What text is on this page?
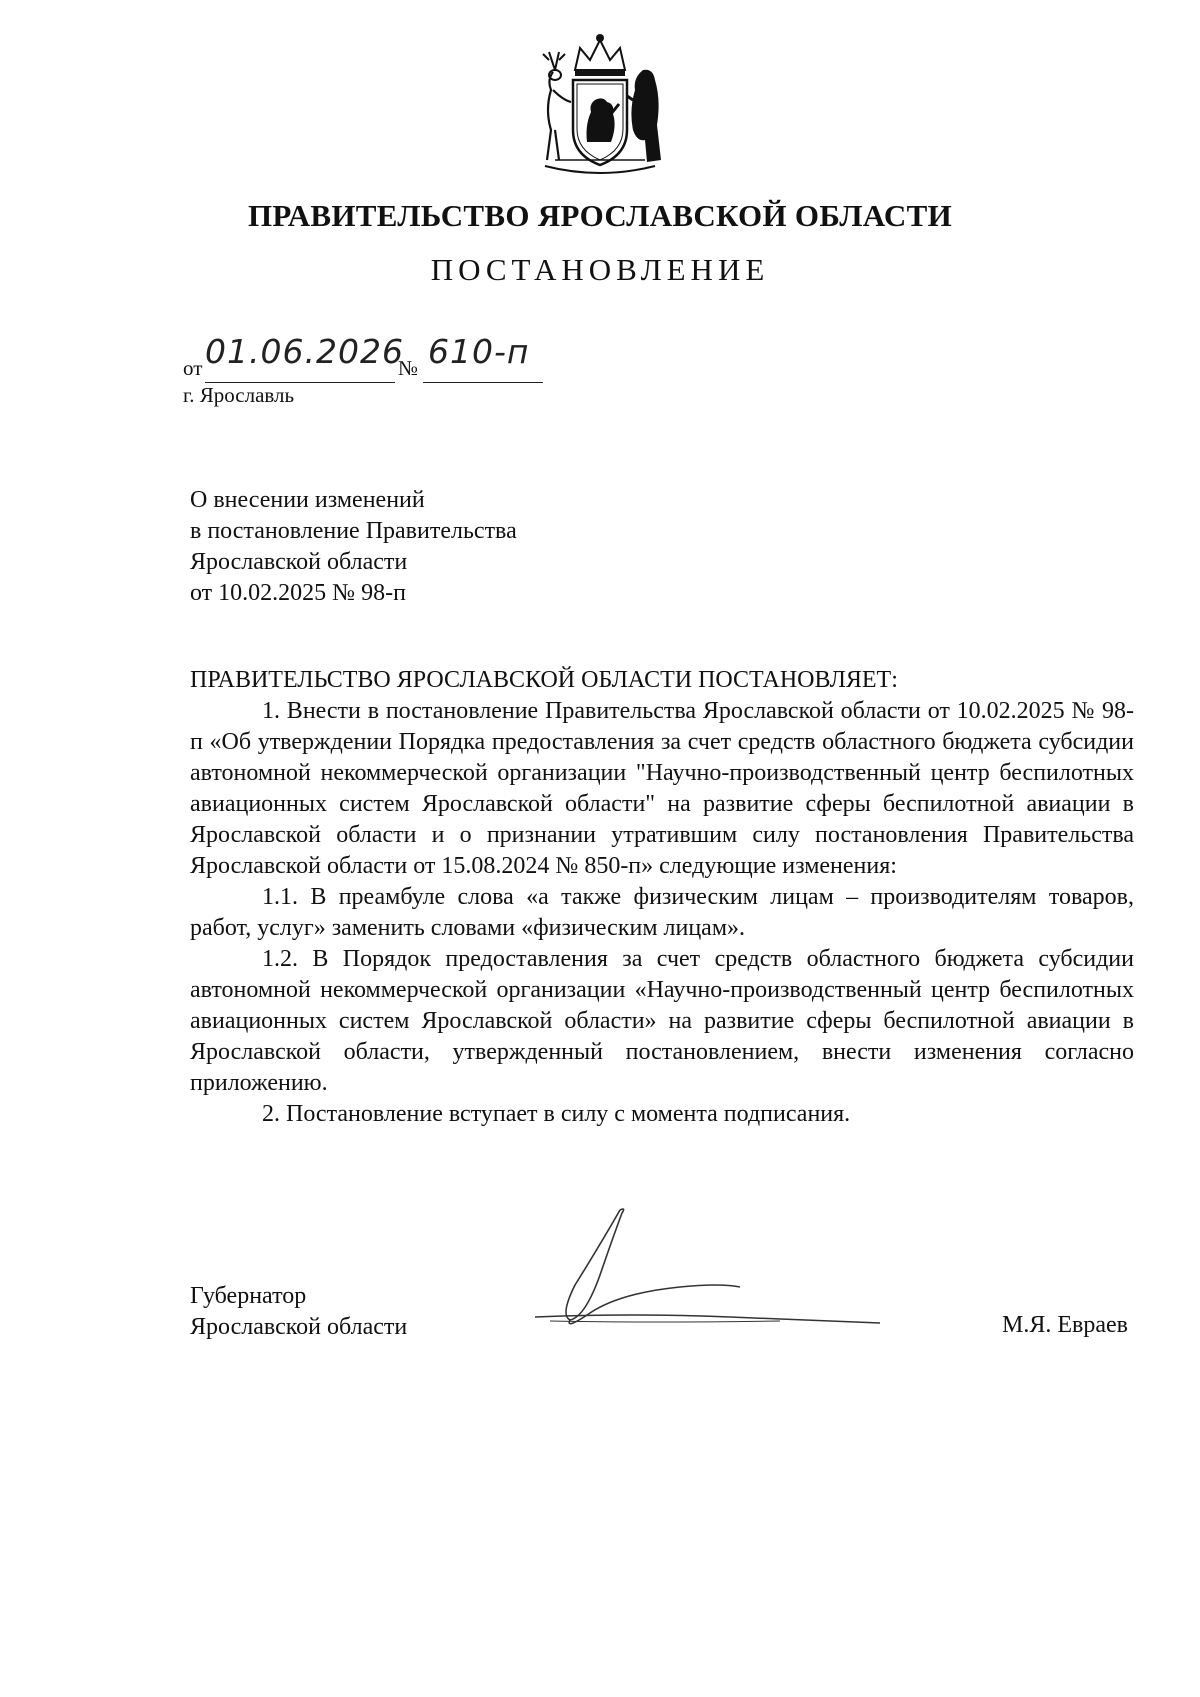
ПРАВИТЕЛЬСТВО ЯРОСЛАВСКОЙ ОБЛАСТИ
ПОСТАНОВЛЕНИЕ
от 01.06.2026
№ 610-п
г. Ярославль
О внесении изменений
в постановление Правительства
Ярославской области
от 10.02.2025 № 98-п

ПРАВИТЕЛЬСТВО ЯРОСЛАВСКОЙ ОБЛАСТИ ПОСТАНОВЛЯЕТ:

1. Внести в постановление Правительства Ярославской области от 10.02.2025 № 98-п «Об утверждении Порядка предоставления за счет средств областного бюджета субсидии автономной некоммерческой организации "Научно-производственный центр беспилотных авиационных систем Ярославской области" на развитие сферы беспилотной авиации в Ярославской области и о признании утратившим силу постановления Правительства Ярославской области от 15.08.2024 № 850-п» следующие изменения:

1.1. В преамбуле слова «а также физическим лицам – производителям товаров, работ, услуг» заменить словами «физическим лицам».

1.2. В Порядок предоставления за счет средств областного бюджета субсидии автономной некоммерческой организации «Научно-производственный центр беспилотных авиационных систем Ярославской области» на развитие сферы беспилотной авиации в Ярославской области, утвержденный постановлением, внести изменения согласно приложению.

2. Постановление вступает в силу с момента подписания.

Губернатор
Ярославской области	М.Я. Евраев
